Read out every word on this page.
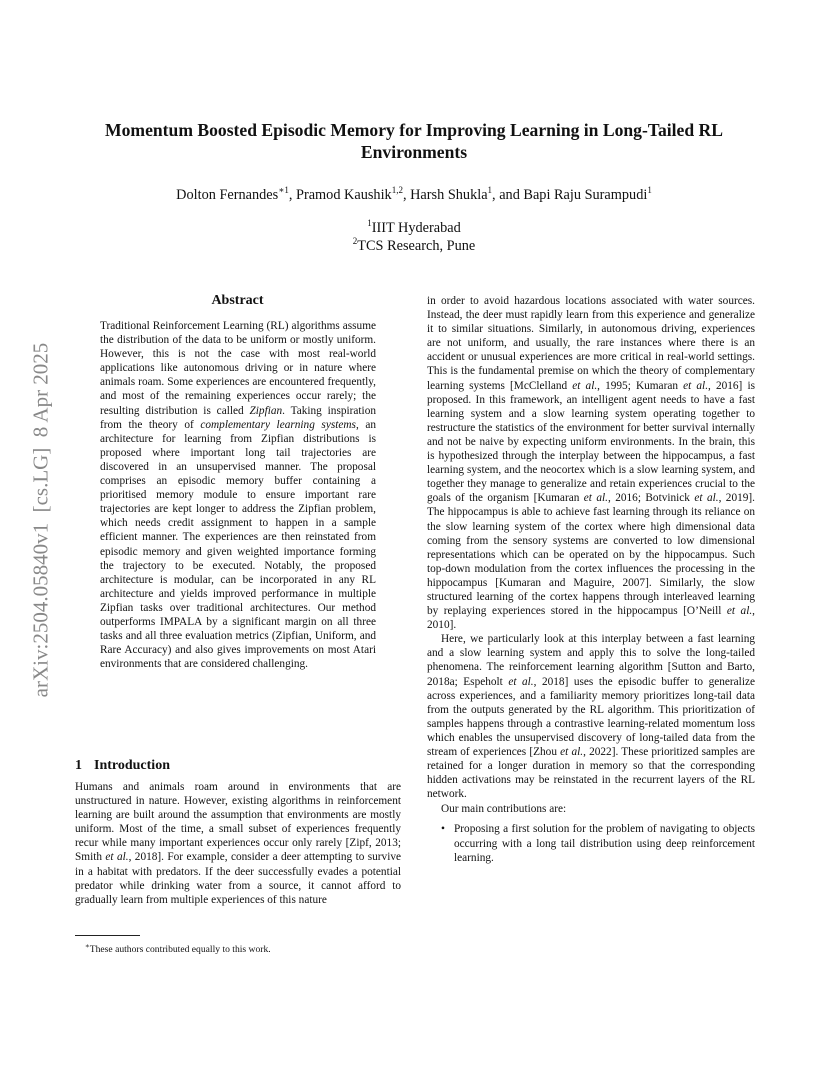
Momentum Boosted Episodic Memory for Improving Learning in Long-Tailed RL Environments
Dolton Fernandes$^{∗1}$, Pramod Kaushik$^{1,2}$, Harsh Shukla$^1$, and Bapi Raju Surampudi$^1$
$^1$IIIT Hyderabad
$^2$TCS Research, Pune
arXiv:2504.05840v1  [cs.LG]  8 Apr 2025
Abstract

Traditional Reinforcement Learning (RL) algorithms assume the distribution of the data to be uniform or mostly uniform. However, this is not the case with most real-world applications like autonomous driving or in nature where animals roam. Some experiences are encountered frequently, and most of the remaining experiences occur rarely; the resulting distribution is called Zipfian. Taking inspiration from the theory of complementary learning systems, an architecture for learning from Zipfian distributions is proposed where important long tail trajectories are discovered in an unsupervised manner. The proposal comprises an episodic memory buffer containing a prioritised memory module to ensure important rare trajectories are kept longer to address the Zipfian problem, which needs credit assignment to happen in a sample efficient manner. The experiences are then reinstated from episodic memory and given weighted importance forming the trajectory to be executed. Notably, the proposed architecture is modular, can be incorporated in any RL architecture and yields improved performance in multiple Zipfian tasks over traditional architectures. Our method outperforms IMPALA by a significant margin on all three tasks and all three evaluation metrics (Zipfian, Uniform, and Rare Accuracy) and also gives improvements on most Atari environments that are considered challenging.

1 Introduction

Humans and animals roam around in environments that are unstructured in nature. However, existing algorithms in reinforcement learning are built around the assumption that environments are mostly uniform. Most of the time, a small subset of experiences frequently recur while many important experiences occur only rarely [Zipf, 2013; Smith et al., 2018]. For example, consider a deer attempting to survive in a habitat with predators. If the deer successfully evades a potential predator while drinking water from a source, it cannot afford to gradually learn from multiple experiences of this nature

in order to avoid hazardous locations associated with water sources. Instead, the deer must rapidly learn from this experience and generalize it to similar situations. Similarly, in autonomous driving, experiences are not uniform, and usually, the rare instances where there is an accident or unusual experiences are more critical in real-world settings. This is the fundamental premise on which the theory of complementary learning systems [McClelland et al., 1995; Kumaran et al., 2016] is proposed. In this framework, an intelligent agent needs to have a fast learning system and a slow learning system operating together to restructure the statistics of the environment for better survival internally and not be naive by expecting uniform environments. In the brain, this is hypothesized through the interplay between the hippocampus, a fast learning system, and the neocortex which is a slow learning system, and together they manage to generalize and retain experiences crucial to the goals of the organism [Kumaran et al., 2016; Botvinick et al., 2019]. The hippocampus is able to achieve fast learning through its reliance on the slow learning system of the cortex where high dimensional data coming from the sensory systems are converted to low dimensional representations which can be operated on by the hippocampus. Such top-down modulation from the cortex influences the processing in the hippocampus [Kumaran and Maguire, 2007]. Similarly, the slow structured learning of the cortex happens through interleaved learning by replaying experiences stored in the hippocampus [O’Neill et al., 2010].

Here, we particularly look at this interplay between a fast learning and a slow learning system and apply this to solve the long-tailed phenomena. The reinforcement learning algorithm [Sutton and Barto, 2018a; Espeholt et al., 2018] uses the episodic buffer to generalize across experiences, and a familiarity memory prioritizes long-tail data from the outputs generated by the RL algorithm. This prioritization of samples happens through a contrastive learning-related momentum loss which enables the unsupervised discovery of long-tailed data from the stream of experiences [Zhou et al., 2022]. These prioritized samples are retained for a longer duration in memory so that the corresponding hidden activations may be reinstated in the recurrent layers of the RL network.

Our main contributions are:

• Proposing a first solution for the problem of navigating to objects occurring with a long tail distribution using deep reinforcement learning.
∗These authors contributed equally to this work.
